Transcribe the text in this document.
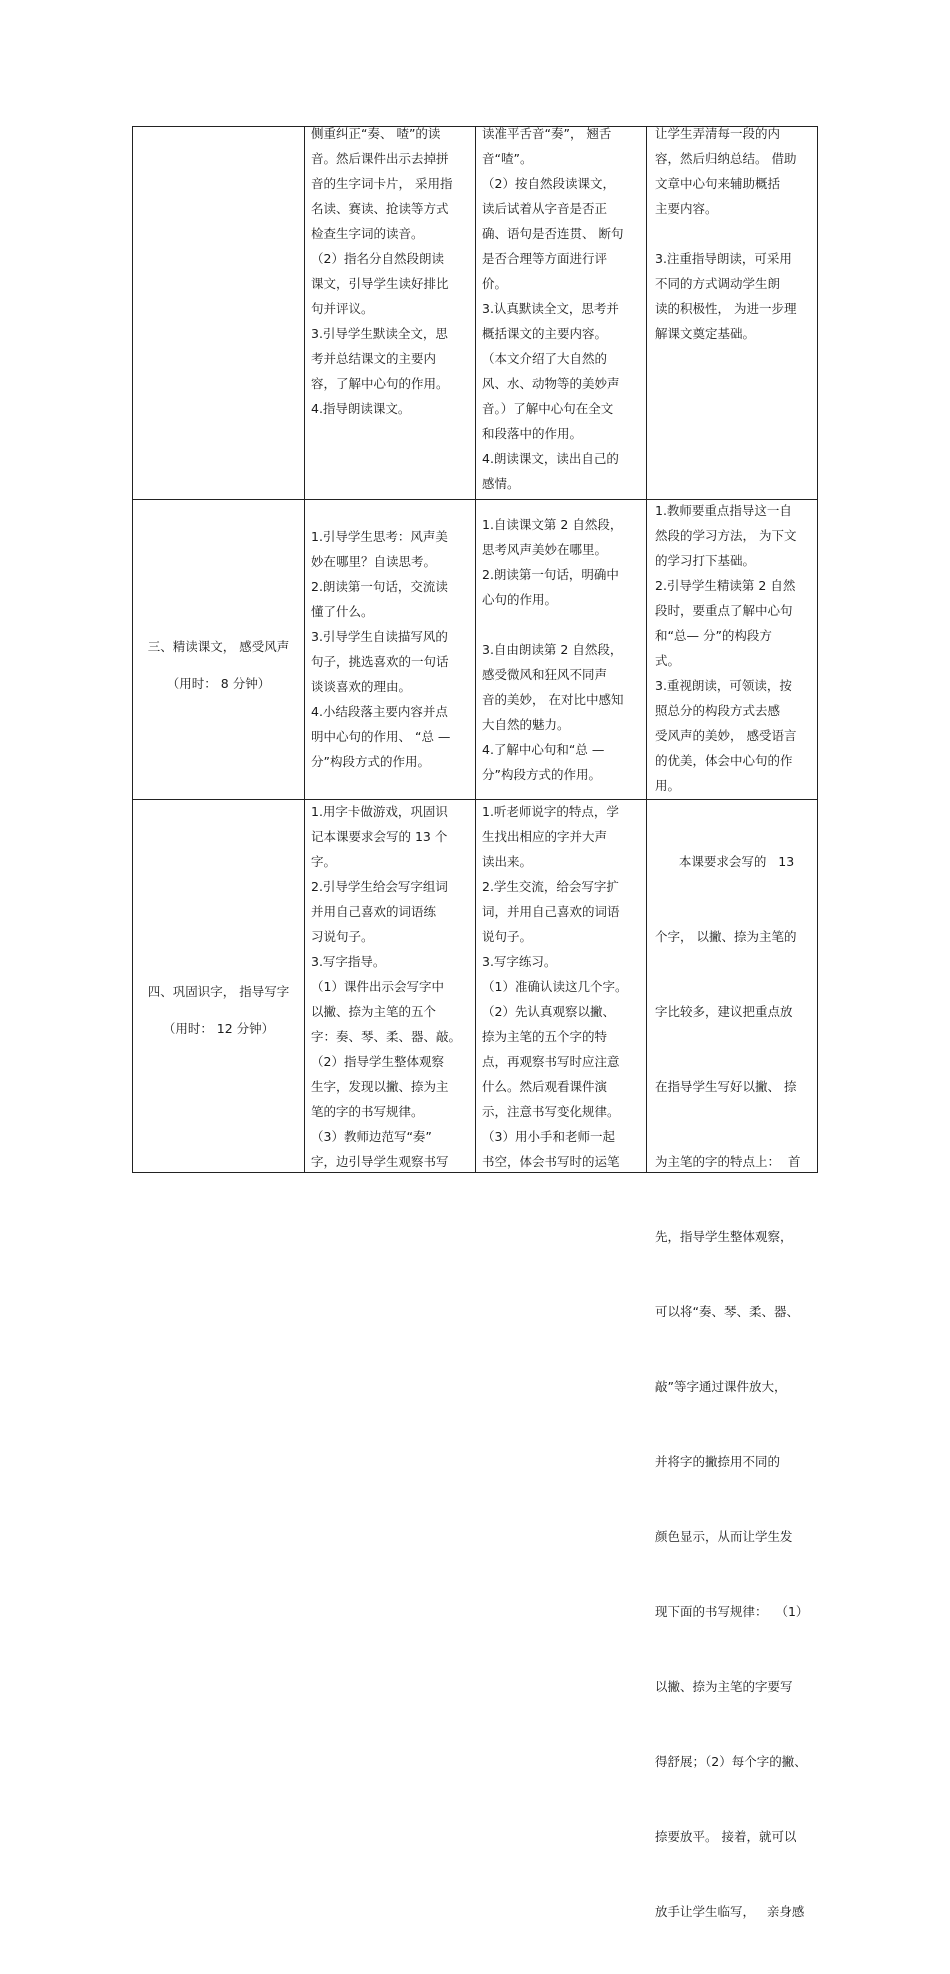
侧重纠正“奏、 喳”的读

音。然后课件出示去掉拼

音的生字词卡片， 采用指

名读、赛读、抢读等方式

检查生字词的读音。

（2）指名分自然段朗读

课文，引导学生读好排比

句并评议。

3.引导学生默读全文，思

考并总结课文的主要内

容，了解中心句的作用。

4.指导朗读课文。

读准平舌音“奏”， 翘舌

音“喳”。

（2）按自然段读课文，

读后试着从字音是否正

确、语句是否连贯、 断句

是否合理等方面进行评

价。

3.认真默读全文，思考并

概括课文的主要内容。

（本文介绍了大自然的

风、水、动物等的美妙声

音。）了解中心句在全文

和段落中的作用。

4.朗读课文，读出自己的

感情。

让学生弄清每一段的内

容，然后归纳总结。 借助

文章中心句来辅助概括

主要内容。

3.注重指导朗读，可采用

不同的方式调动学生朗

读的积极性， 为进一步理

解课文奠定基础。

三、精读课文， 感受风声

（用时： 8 分钟）

1.引导学生思考：风声美

妙在哪里？自读思考。

2.朗读第一句话，交流读

懂了什么。

3.引导学生自读描写风的

句子，挑选喜欢的一句话

谈谈喜欢的理由。

4.小结段落主要内容并点

明中心句的作用、 “总 —

分”构段方式的作用。

1.自读课文第 2 自然段，

思考风声美妙在哪里。

2.朗读第一句话，明确中

心句的作用。

3.自由朗读第 2 自然段，

感受微风和狂风不同声

音的美妙， 在对比中感知

大自然的魅力。

4.了解中心句和“总 —

分”构段方式的作用。

1.教师要重点指导这一自

然段的学习方法， 为下文

的学习打下基础。

2.引导学生精读第 2 自然

段时，要重点了解中心句

和“总— 分”的构段方

式。

3.重视朗读，可领读，按

照总分的构段方式去感

受风声的美妙， 感受语言

的优美，体会中心句的作

用。

四、巩固识字， 指导写字

（用时： 12 分钟）

1.用字卡做游戏，巩固识

记本课要求会写的 13 个

字。

2.引导学生给会写字组词

并用自己喜欢的词语练

习说句子。

3.写字指导。

（1）课件出示会写字中

以撇、捺为主笔的五个

字：奏、琴、柔、器、敲。

（2）指导学生整体观察

生字，发现以撇、捺为主

笔的字的书写规律。

（3）教师边范写“奏”

字，边引导学生观察书写

1.听老师说字的特点，学

生找出相应的字并大声

读出来。

2.学生交流，给会写字扩

词，并用自己喜欢的词语

说句子。

3.写字练习。

（1）准确认读这几个字。

（2）先认真观察以撇、

捺为主笔的五个字的特

点，再观察书写时应注意

什么。然后观看课件演

示，注意书写变化规律。

（3）用小手和老师一起

书空，体会书写时的运笔

本课要求会写的   13

个字， 以撇、捺为主笔的

字比较多，建议把重点放

在指导学生写好以撇、 捺

为主笔的字的特点上：  首

先，指导学生整体观察，

可以将“奏、琴、柔、器、

敲”等字通过课件放大，

并将字的撇捺用不同的

颜色显示，从而让学生发

现下面的书写规律：  （1）

以撇、捺为主笔的字要写

得舒展；（2）每个字的撇、

捺要放平。 接着，就可以

放手让学生临写，   亲身感
